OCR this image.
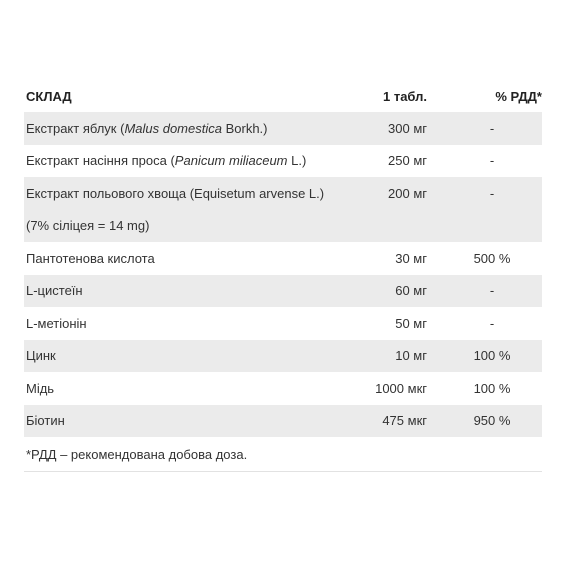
СКЛАД	1 табл.	% РДД*
Екстракт яблук (Malus domestica Borkh.)	300 мг	-
Екстракт насіння проса (Panicum miliaceum L.)	250 мг	-
Екстракт польового хвоща (Equisetum arvense L.)	200 мг	-
(7% сіліцея = 14 mg)
Пантотенова кислота	30 мг	500 %
L-цистеїн	60 мг	-
L-метіонін	50 мг	-
Цинк	10 мг	100 %
Мідь	1000 мкг	100 %
Біотин	475 мкг	950 %
*РДД – рекомендована добова доза.
